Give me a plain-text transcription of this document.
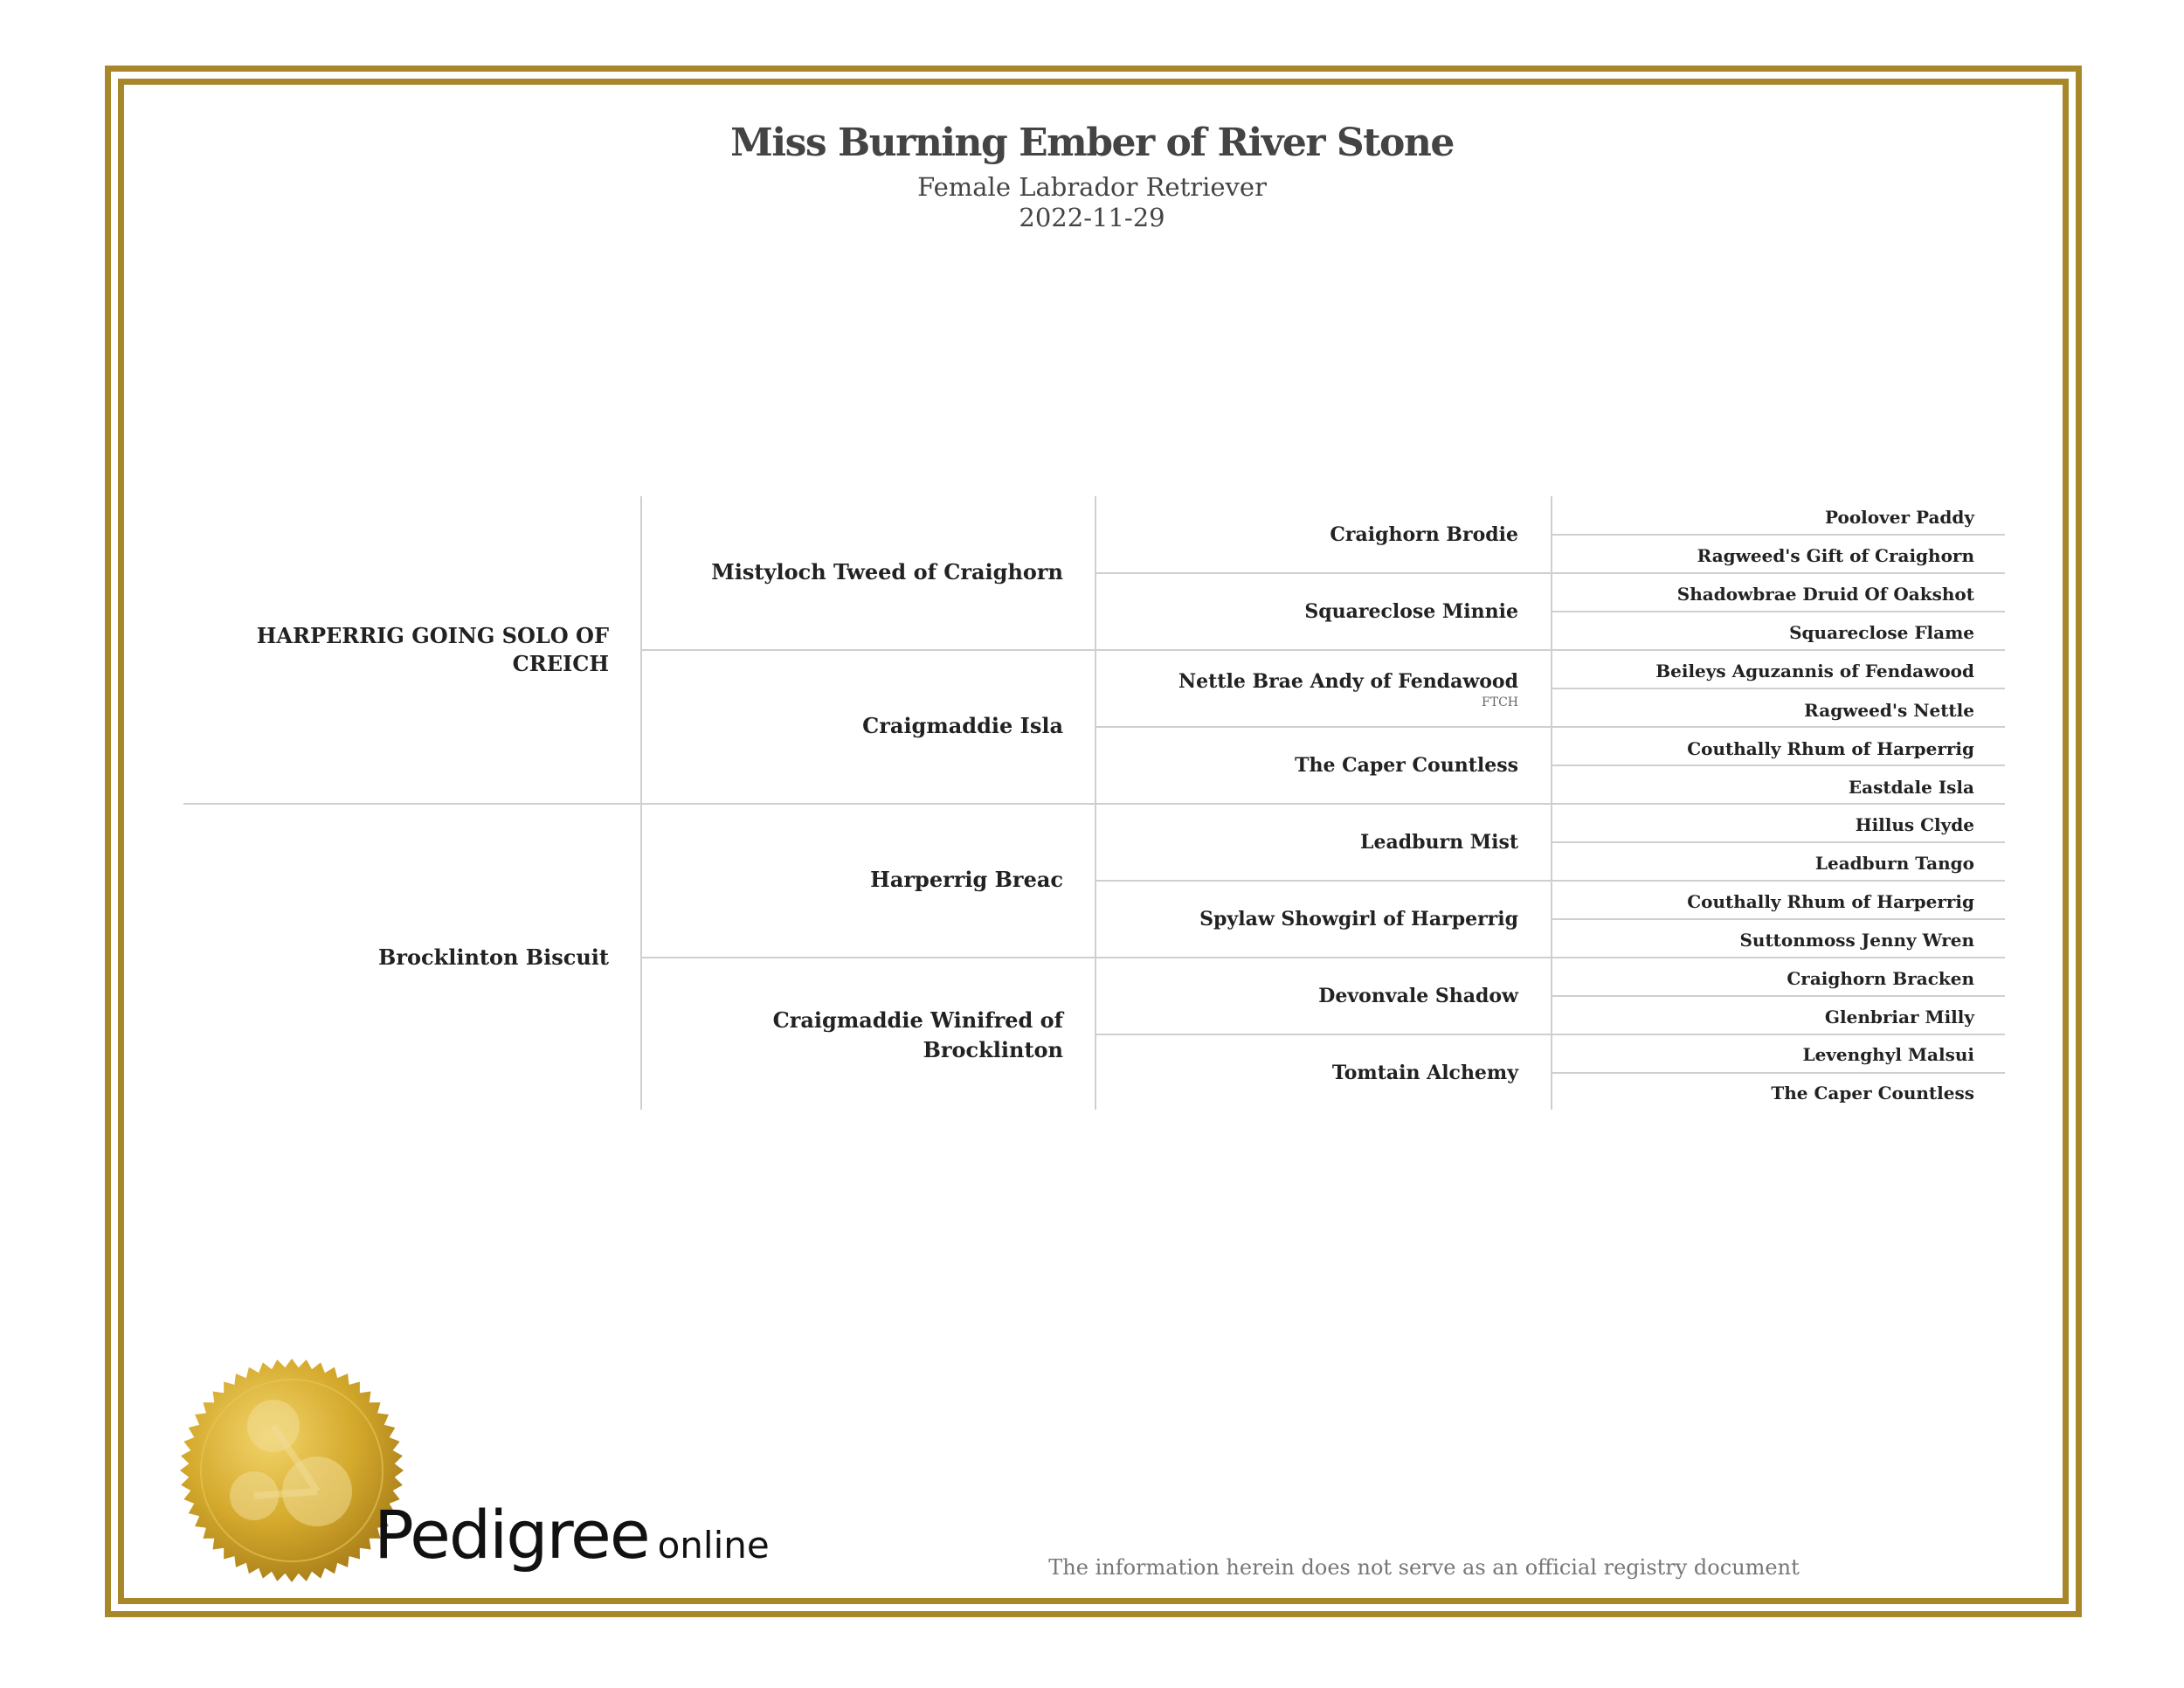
Miss Burning Ember of River Stone
Female Labrador Retriever
2022-11-29
HARPERRIG GOING SOLO OF CREICH
Brocklinton Biscuit
Mistyloch Tweed of Craighorn
Craigmaddie Isla
Harperrig Breac
Craigmaddie Winifred of Brocklinton
Craighorn Brodie
Squareclose Minnie
Nettle Brae Andy of Fendawood
FTCH
The Caper Countless
Leadburn Mist
Spylaw Showgirl of Harperrig
Devonvale Shadow
Tomtain Alchemy
Poolover Paddy
Ragweed's Gift of Craighorn
Shadowbrae Druid Of Oakshot
Squareclose Flame
Beileys Aguzannis of Fendawood
Ragweed's Nettle
Couthally Rhum of Harperrig
Eastdale Isla
Hillus Clyde
Leadburn Tango
Couthally Rhum of Harperrig
Suttonmoss Jenny Wren
Craighorn Bracken
Glenbriar Milly
Levenghyl Malsui
The Caper Countless
Pedigree online
The information herein does not serve as an official registry document
